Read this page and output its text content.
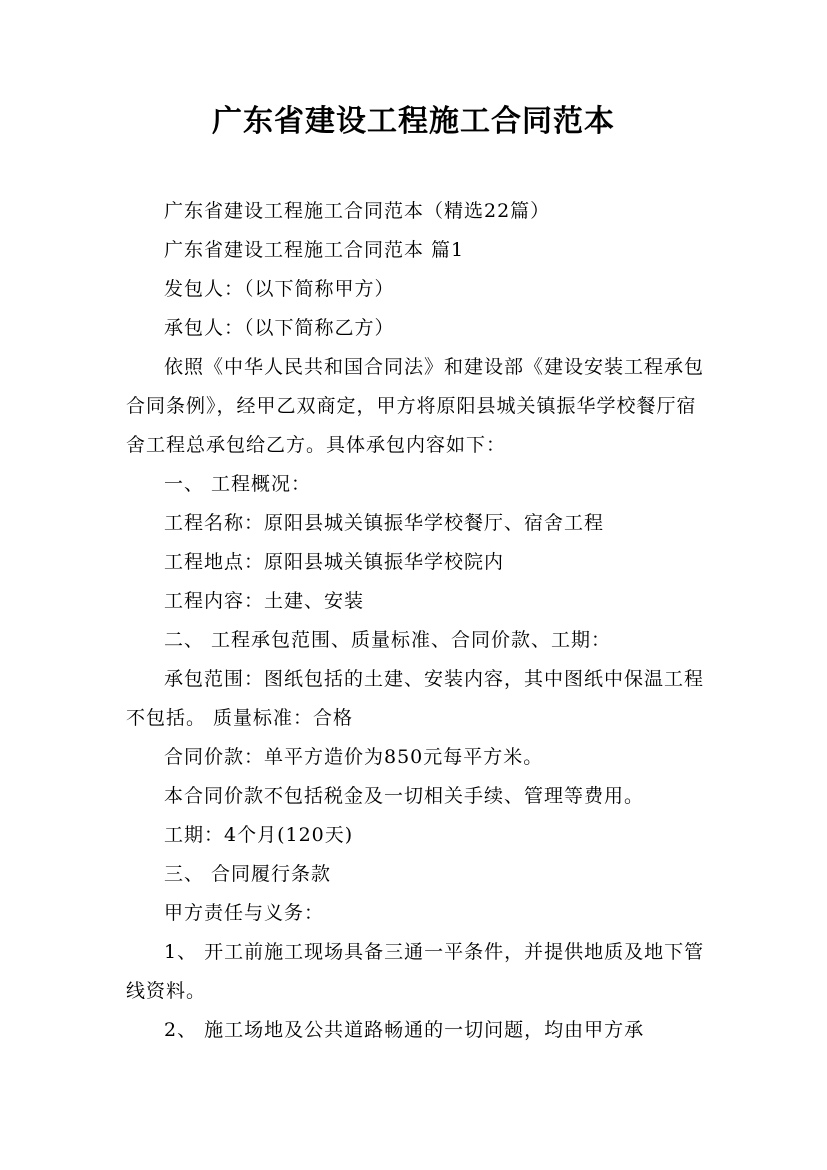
广东省建设工程施工合同范本

广东省建设工程施工合同范本（精选22篇）

广东省建设工程施工合同范本 篇1

发包人：（以下简称甲方）

承包人：（以下简称乙方）

依照《中华人民共和国合同法》和建设部《建设安装工程承包合同条例》，经甲乙双商定，甲方将原阳县城关镇振华学校餐厅宿舍工程总承包给乙方。具体承包内容如下：

一、 工程概况：

工程名称：原阳县城关镇振华学校餐厅、宿舍工程

工程地点：原阳县城关镇振华学校院内

工程内容：土建、安装

二、 工程承包范围、质量标准、合同价款、工期：

承包范围：图纸包括的土建、安装内容，其中图纸中保温工程不包括。 质量标准：合格

合同价款：单平方造价为850元每平方米。

本合同价款不包括税金及一切相关手续、管理等费用。

工期：4个月(120天)

三、 合同履行条款

甲方责任与义务：

1、 开工前施工现场具备三通一平条件，并提供地质及地下管线资料。

2、 施工场地及公共道路畅通的一切问题，均由甲方承
